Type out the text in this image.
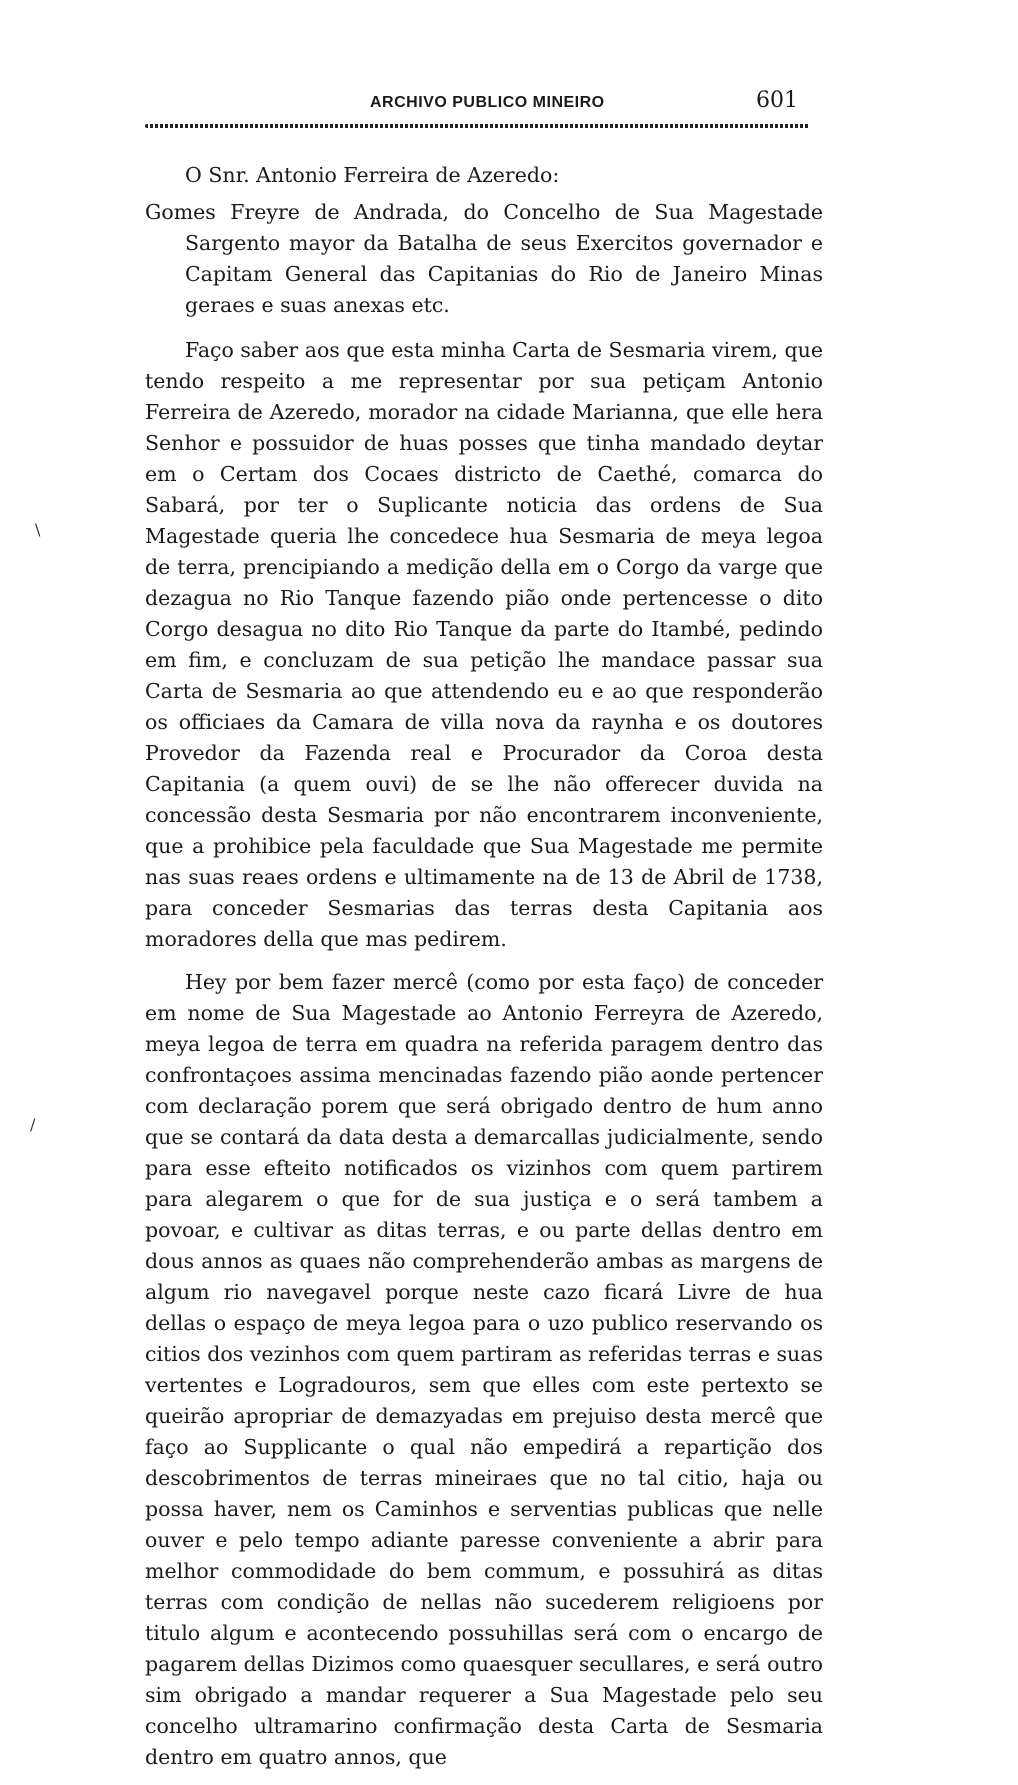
ARCHIVO PUBLICO MINEIRO	601
\
/

O Snr. Antonio Ferreira de Azeredo:

Gomes Freyre de Andrada, do Concelho de Sua Magestade Sargento mayor da Batalha de seus Exercitos governador e Capitam General das Capitanias do Rio de Janeiro Minas geraes e suas anexas etc.

Faço saber aos que esta minha Carta de Sesmaria virem, que tendo respeito a me representar por sua petiçam Antonio Ferreira de Azeredo, morador na cidade Marianna, que elle hera Senhor e possuidor de huas posses que tinha mandado deytar em o Certam dos Cocaes districto de Caethé, comarca do Sabará, por ter o Suplicante noticia das ordens de Sua Magestade queria lhe concedece hua Sesmaria de meya legoa de terra, prencipiando a medição della em o Corgo da varge que dezagua no Rio Tanque fazendo pião onde pertencesse o dito Corgo desagua no dito Rio Tanque da parte do Itambé, pedindo em fim, e concluzam de sua petição lhe mandace passar sua Carta de Sesmaria ao que attendendo eu e ao que responderão os officiaes da Camara de villa nova da raynha e os doutores Provedor da Fazenda real e Procurador da Coroa desta Capitania (a quem ouvi) de se lhe não offerecer duvida na concessão desta Sesmaria por não encontrarem inconveniente, que a prohibice pela faculdade que Sua Magestade me permite nas suas reaes ordens e ultimamente na de 13 de Abril de 1738, para conceder Sesmarias das terras desta Capitania aos moradores della que mas pedirem.

Hey por bem fazer mercê (como por esta faço) de conceder em nome de Sua Magestade ao Antonio Ferreyra de Azeredo, meya legoa de terra em quadra na referida paragem dentro das confrontaçoes assima mencinadas fazendo pião aonde pertencer com declaração porem que será obrigado dentro de hum anno que se contará da data desta a demarcallas judicialmente, sendo para esse efteito notificados os vizinhos com quem partirem para alegarem o que for de sua justiça e o será tambem a povoar, e cultivar as ditas terras, e ou parte dellas dentro em dous annos as quaes não comprehenderão ambas as margens de algum rio navegavel porque neste cazo ficará Livre de hua dellas o espaço de meya legoa para o uzo publico reservando os citios dos vezinhos com quem partiram as referidas terras e suas vertentes e Logradouros, sem que elles com este pertexto se queirão apropriar de demazyadas em prejuiso desta mercê que faço ao Supplicante o qual não empedirá a repartição dos descobrimentos de terras mineiraes que no tal citio, haja ou possa haver, nem os Caminhos e serventias publicas que nelle ouver e pelo tempo adiante paresse conveniente a abrir para melhor commodidade do bem commum, e possuhirá as ditas terras com condição de nellas não sucederem religioens por titulo algum e acontecendo possuhillas será com o encargo de pagarem dellas Dizimos como quaesquer secullares, e será outro sim obrigado a mandar requerer a Sua Magestade pelo seu concelho ultramarino confirmação desta Carta de Sesmaria dentro em quatro annos, que
